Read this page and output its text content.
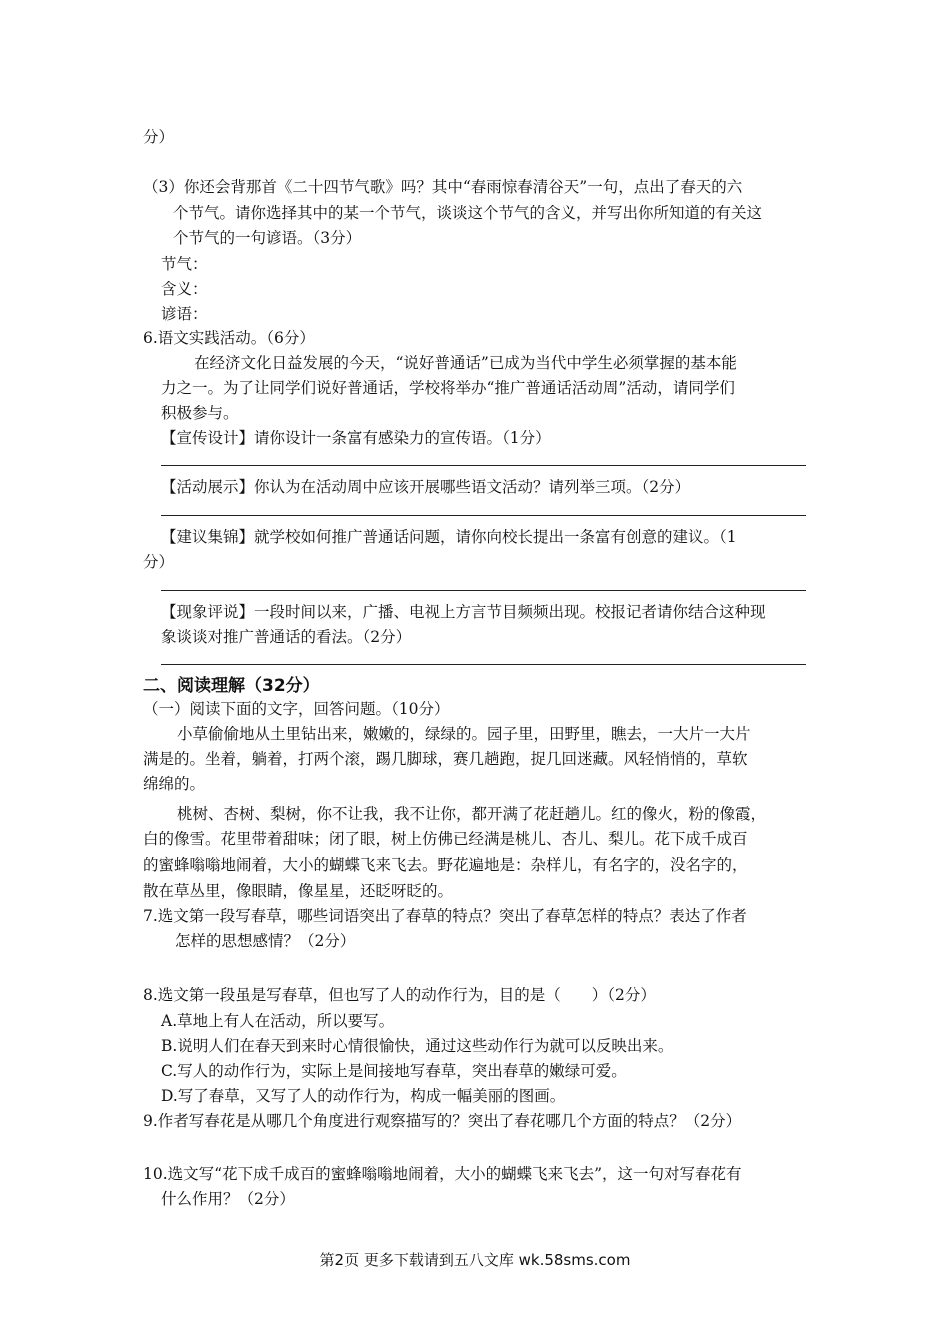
分）
（3）你还会背那首《二十四节气歌》吗？其中“春雨惊春清谷天”一句，点出了春天的六
个节气。请你选择其中的某一个节气，谈谈这个节气的含义，并写出你所知道的有关这
个节气的一句谚语。（3分）
节气：
含义：
谚语：
6.语文实践活动。（6分）
在经济文化日益发展的今天，“说好普通话”已成为当代中学生必须掌握的基本能
力之一。为了让同学们说好普通话，学校将举办“推广普通话活动周”活动，请同学们
积极参与。
【宣传设计】请你设计一条富有感染力的宣传语。（1分）
【活动展示】你认为在活动周中应该开展哪些语文活动？请列举三项。（2分）
【建议集锦】就学校如何推广普通话问题，请你向校长提出一条富有创意的建议。（1
分）
【现象评说】一段时间以来，广播、电视上方言节目频频出现。校报记者请你结合这种现
象谈谈对推广普通话的看法。（2分）
二、阅读理解（32分）
（一）阅读下面的文字，回答问题。（10分）
小草偷偷地从土里钻出来，嫩嫩的，绿绿的。园子里，田野里，瞧去，一大片一大片
满是的。坐着，躺着，打两个滚，踢几脚球，赛几趟跑，捉几回迷藏。风轻悄悄的，草软
绵绵的。
桃树、杏树、梨树，你不让我，我不让你，都开满了花赶趟儿。红的像火，粉的像霞，
白的像雪。花里带着甜味；闭了眼，树上仿佛已经满是桃儿、杏儿、梨儿。花下成千成百
的蜜蜂嗡嗡地闹着，大小的蝴蝶飞来飞去。野花遍地是：杂样儿，有名字的，没名字的，
散在草丛里，像眼睛，像星星，还眨呀眨的。
7.选文第一段写春草，哪些词语突出了春草的特点？突出了春草怎样的特点？表达了作者
怎样的思想感情？（2分）
8.选文第一段虽是写春草，但也写了人的动作行为，目的是（　　）（2分）
A.草地上有人在活动，所以要写。
B.说明人们在春天到来时心情很愉快，通过这些动作行为就可以反映出来。
C.写人的动作行为，实际上是间接地写春草，突出春草的嫩绿可爱。
D.写了春草，又写了人的动作行为，构成一幅美丽的图画。
9.作者写春花是从哪几个角度进行观察描写的？突出了春花哪几个方面的特点？（2分）
10.选文写“花下成千成百的蜜蜂嗡嗡地闹着，大小的蝴蝶飞来飞去”，这一句对写春花有
什么作用？（2分）
第2页 更多下载请到五八文库 wk.58sms.com
